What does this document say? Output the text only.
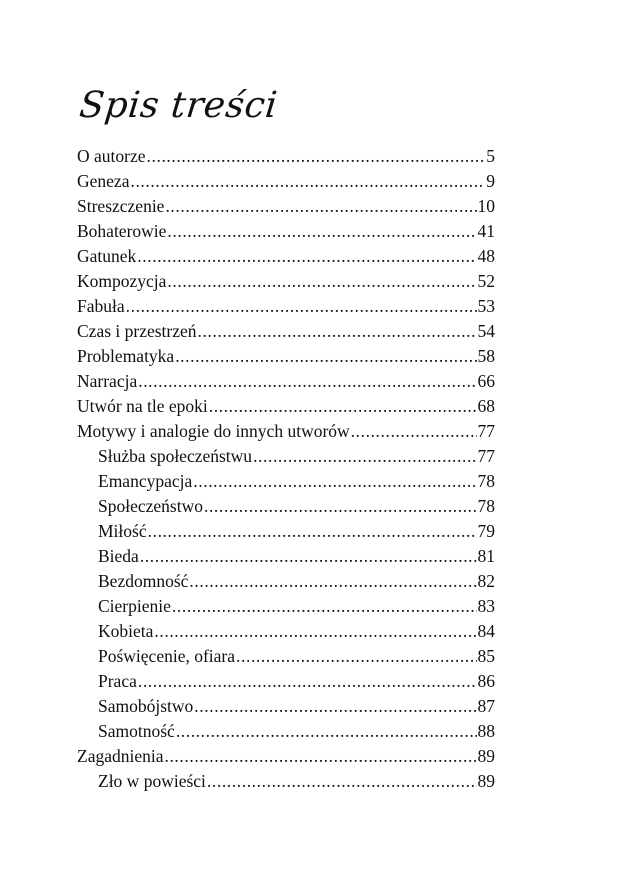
Spis treści
O autorze .....	5
Geneza .....	9
Streszczenie .....	10
Bohaterowie .....	41
Gatunek .....	48
Kompozycja .....	52
Fabuła .....	53
Czas i przestrzeń .....	54
Problematyka .....	58
Narracja .....	66
Utwór na tle epoki .....	68
Motywy i analogie do innych utworów .....	77
Służba społeczeństwu .....	77
Emancypacja .....	78
Społeczeństwo .....	78
Miłość .....	79
Bieda .....	81
Bezdomność .....	82
Cierpienie .....	83
Kobieta .....	84
Poświęcenie, ofiara .....	85
Praca .....	86
Samobójstwo .....	87
Samotność .....	88
Zagadnienia .....	89
Zło w powieści .....	89
